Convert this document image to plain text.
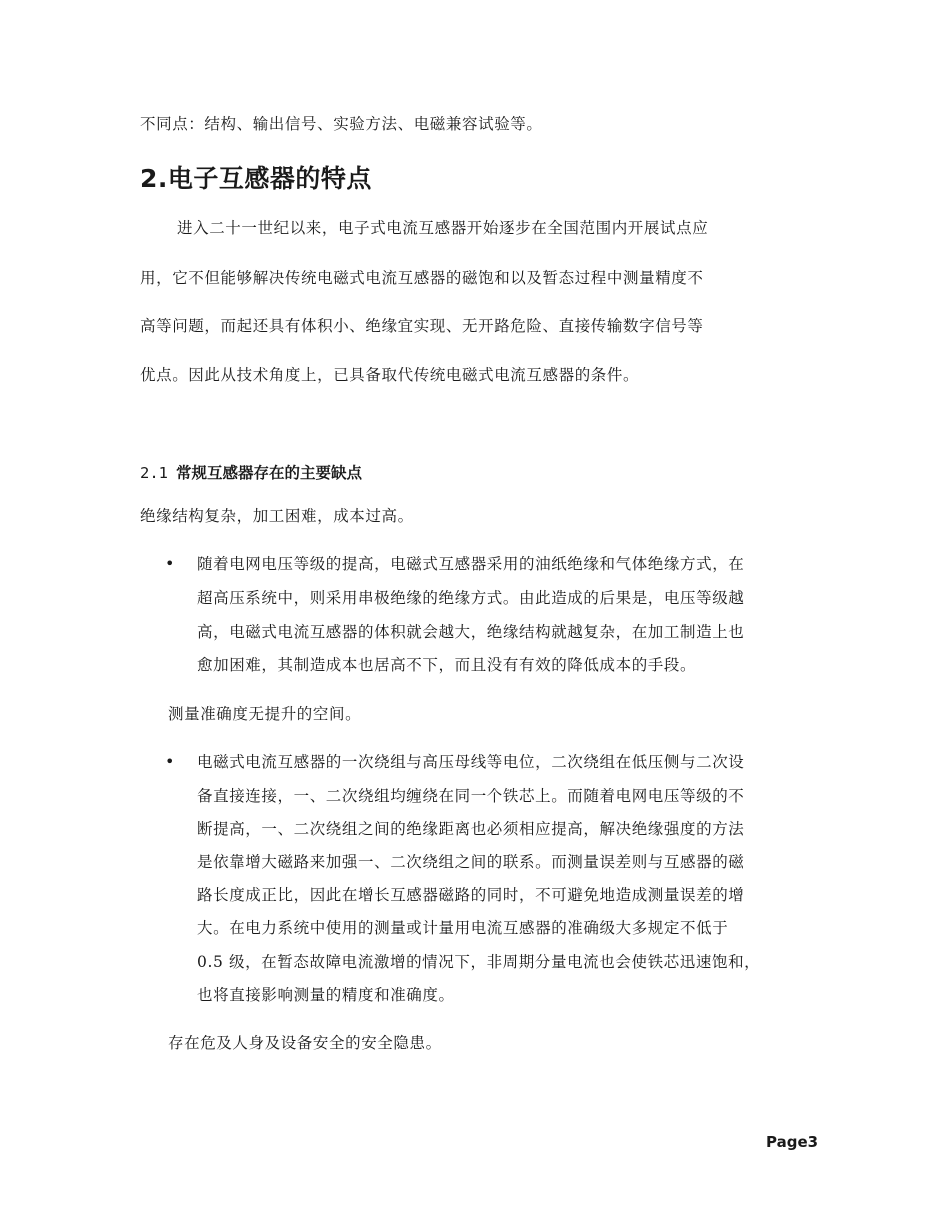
不同点：结构、输出信号、实验方法、电磁兼容试验等。
2.电子互感器的特点
进入二十一世纪以来，电子式电流互感器开始逐步在全国范围内开展试点应
用，它不但能够解决传统电磁式电流互感器的磁饱和以及暂态过程中测量精度不
高等问题，而起还具有体积小、绝缘宜实现、无开路危险、直接传输数字信号等
优点。因此从技术角度上，已具备取代传统电磁式电流互感器的条件。
2.1 常规互感器存在的主要缺点
绝缘结构复杂，加工困难，成本过高。
• 随着电网电压等级的提高，电磁式互感器采用的油纸绝缘和气体绝缘方式，在
超高压系统中，则采用串极绝缘的绝缘方式。由此造成的后果是，电压等级越
高，电磁式电流互感器的体积就会越大，绝缘结构就越复杂，在加工制造上也
愈加困难，其制造成本也居高不下，而且没有有效的降低成本的手段。
测量准确度无提升的空间。
• 电磁式电流互感器的一次绕组与高压母线等电位，二次绕组在低压侧与二次设
备直接连接，一、二次绕组均缠绕在同一个铁芯上。而随着电网电压等级的不
断提高，一、二次绕组之间的绝缘距离也必须相应提高，解决绝缘强度的方法
是依靠增大磁路来加强一、二次绕组之间的联系。而测量误差则与互感器的磁
路长度成正比，因此在增长互感器磁路的同时，不可避免地造成测量误差的增
大。在电力系统中使用的测量或计量用电流互感器的准确级大多规定不低于
0.5 级，在暂态故障电流激增的情况下，非周期分量电流也会使铁芯迅速饱和，
也将直接影响测量的精度和准确度。
存在危及人身及设备安全的安全隐患。
Page3
